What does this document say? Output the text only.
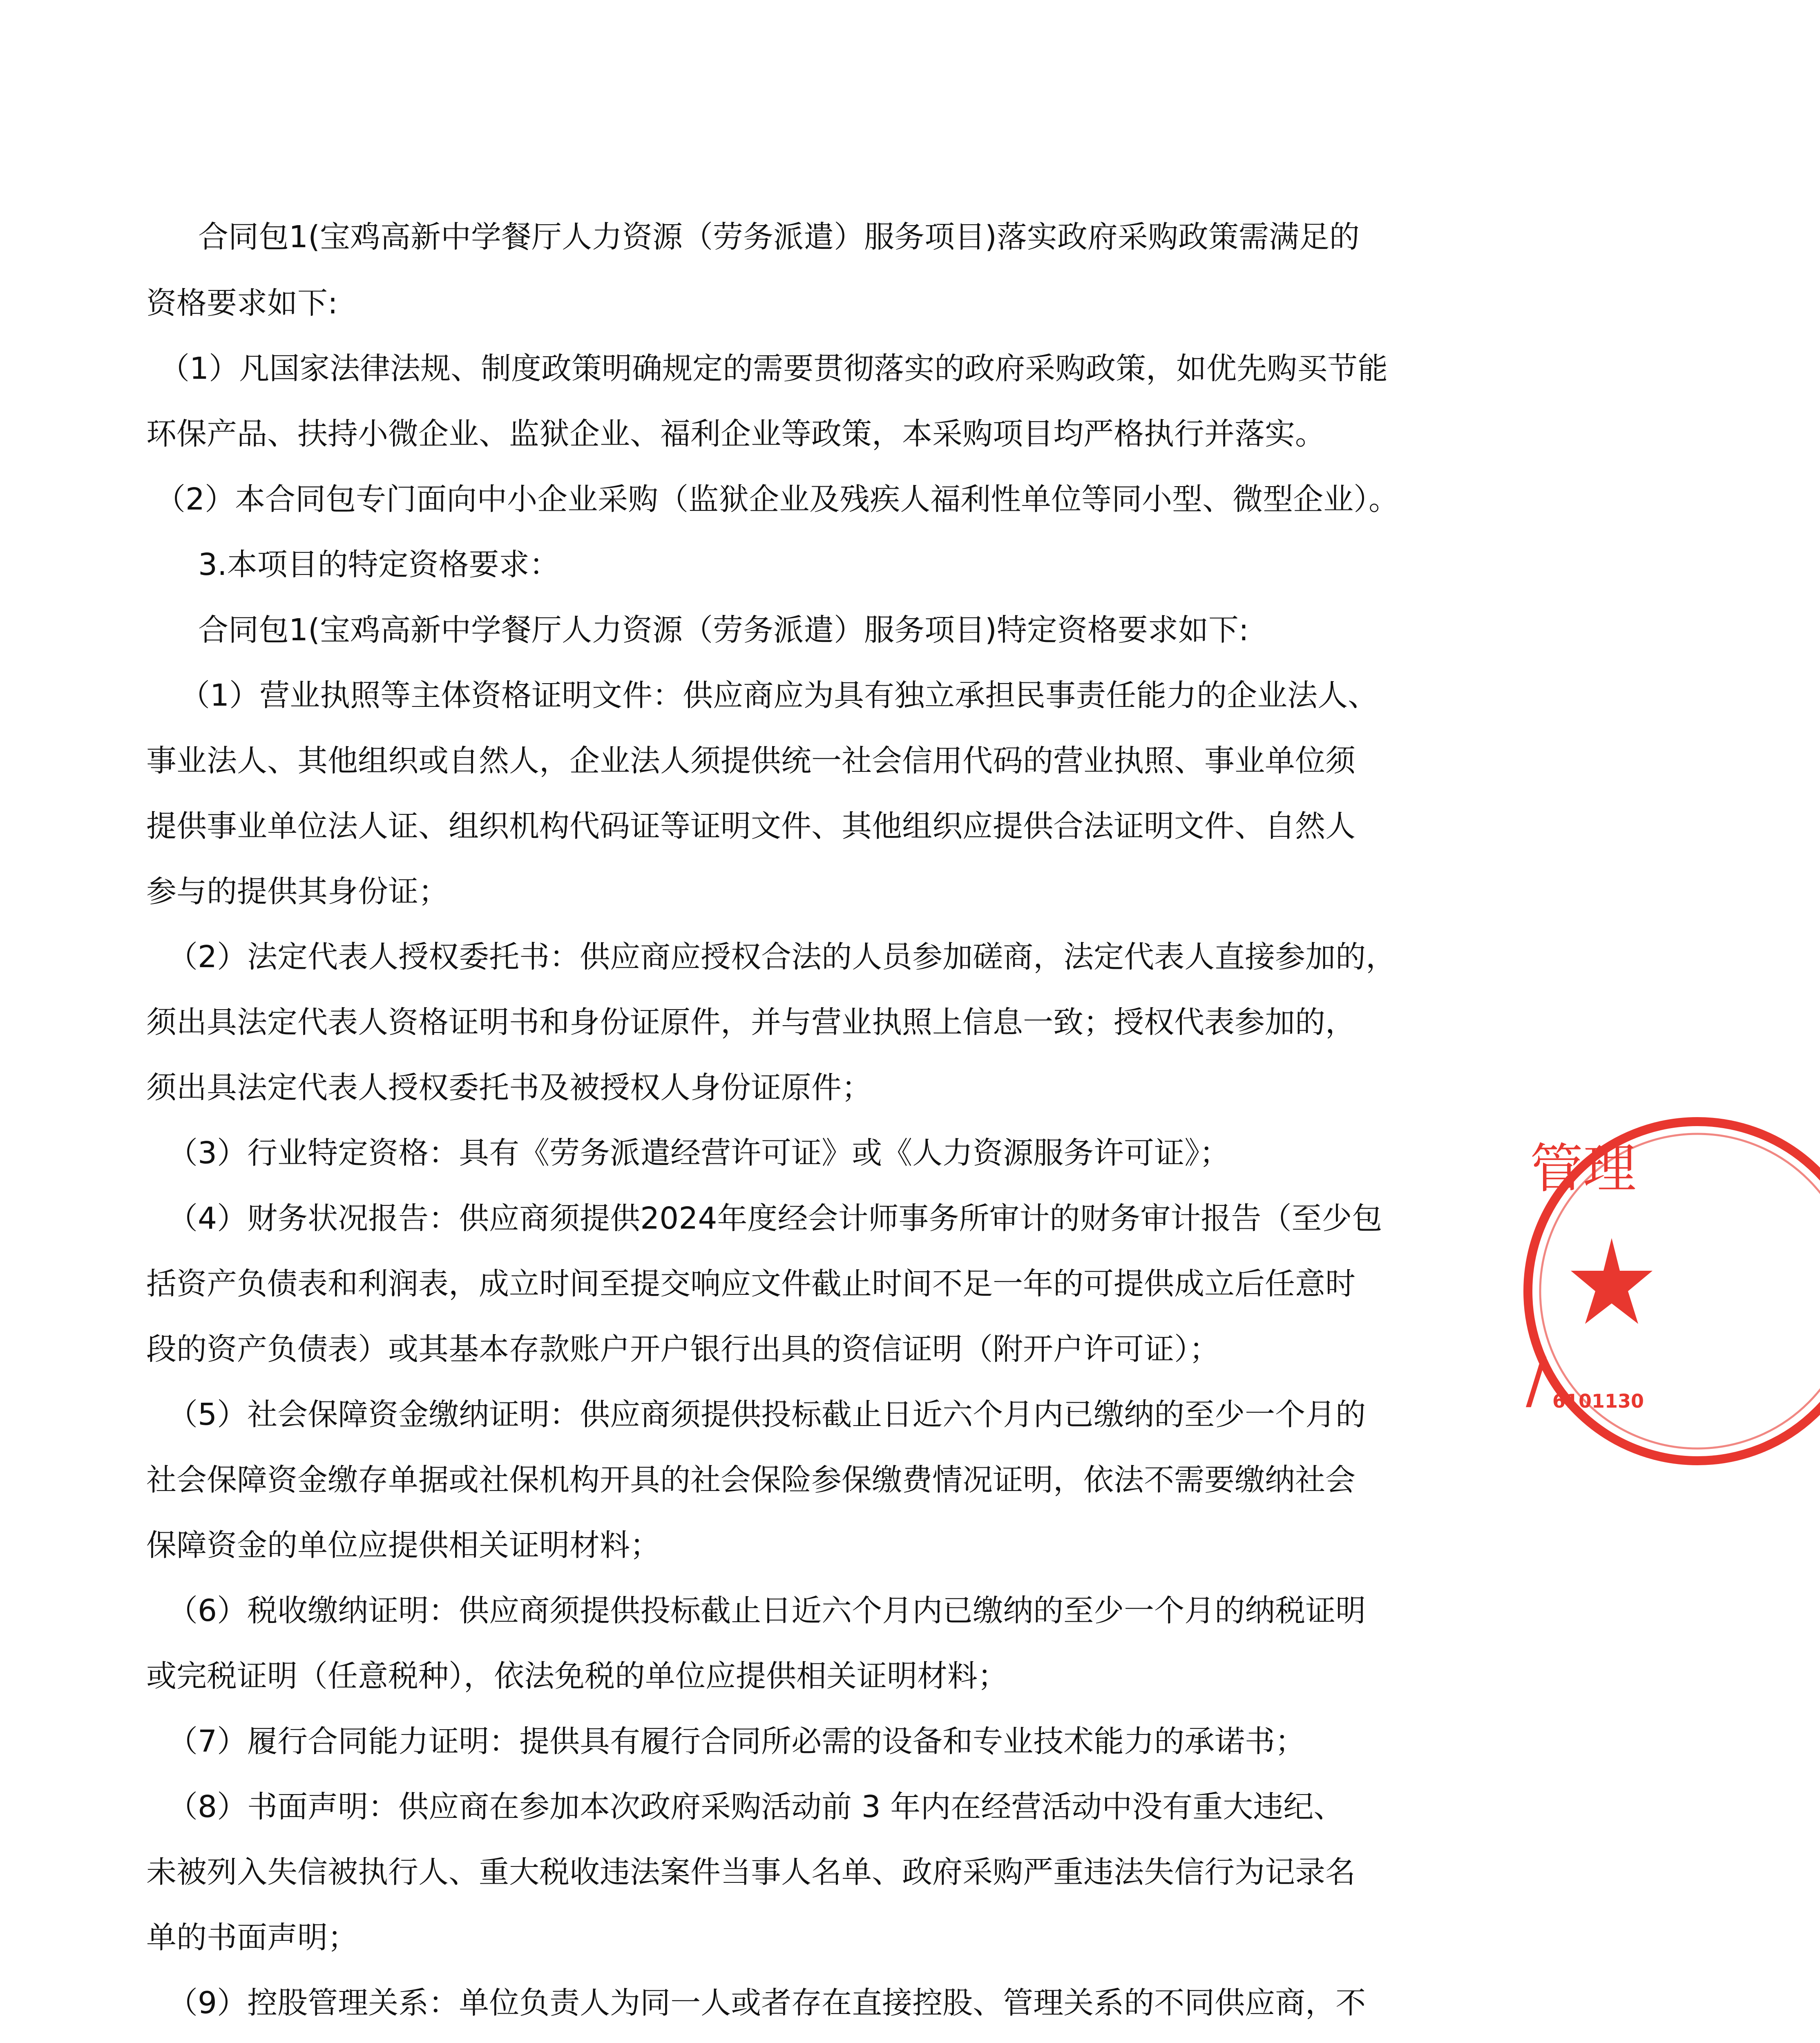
合同包1(宝鸡高新中学餐厅人力资源（劳务派遣）服务项目)落实政府采购政策需满足的
资格要求如下:
（1）凡国家法律法规、制度政策明确规定的需要贯彻落实的政府采购政策，如优先购买节能
环保产品、扶持小微企业、监狱企业、福利企业等政策，本采购项目均严格执行并落实。
（2）本合同包专门面向中小企业采购（监狱企业及残疾人福利性单位等同小型、微型企业）。
3.本项目的特定资格要求：
合同包1(宝鸡高新中学餐厅人力资源（劳务派遣）服务项目)特定资格要求如下:
（1）营业执照等主体资格证明文件：供应商应为具有独立承担民事责任能力的企业法人、
事业法人、其他组织或自然人，企业法人须提供统一社会信用代码的营业执照、事业单位须
提供事业单位法人证、组织机构代码证等证明文件、其他组织应提供合法证明文件、自然人
参与的提供其身份证；
（2）法定代表人授权委托书：供应商应授权合法的人员参加磋商，法定代表人直接参加的，
须出具法定代表人资格证明书和身份证原件，并与营业执照上信息一致；授权代表参加的，
须出具法定代表人授权委托书及被授权人身份证原件；
（3）行业特定资格：具有《劳务派遣经营许可证》或《人力资源服务许可证》；
（4）财务状况报告：供应商须提供2024年度经会计师事务所审计的财务审计报告（至少包
括资产负债表和利润表，成立时间至提交响应文件截止时间不足一年的可提供成立后任意时
段的资产负债表）或其基本存款账户开户银行出具的资信证明（附开户许可证）；
（5）社会保障资金缴纳证明：供应商须提供投标截止日近六个月内已缴纳的至少一个月的
社会保障资金缴存单据或社保机构开具的社会保险参保缴费情况证明，依法不需要缴纳社会
保障资金的单位应提供相关证明材料；
（6）税收缴纳证明：供应商须提供投标截止日近六个月内已缴纳的至少一个月的纳税证明
或完税证明（任意税种），依法免税的单位应提供相关证明材料；
（7）履行合同能力证明：提供具有履行合同所必需的设备和专业技术能力的承诺书；
（8）书面声明：供应商在参加本次政府采购活动前 3 年内在经营活动中没有重大违纪、
未被列入失信被执行人、重大税收违法案件当事人名单、政府采购严重违法失信行为记录名
单的书面声明；
（9）控股管理关系：单位负责人为同一人或者存在直接控股、管理关系的不同供应商，不
管理
/ 6101130
